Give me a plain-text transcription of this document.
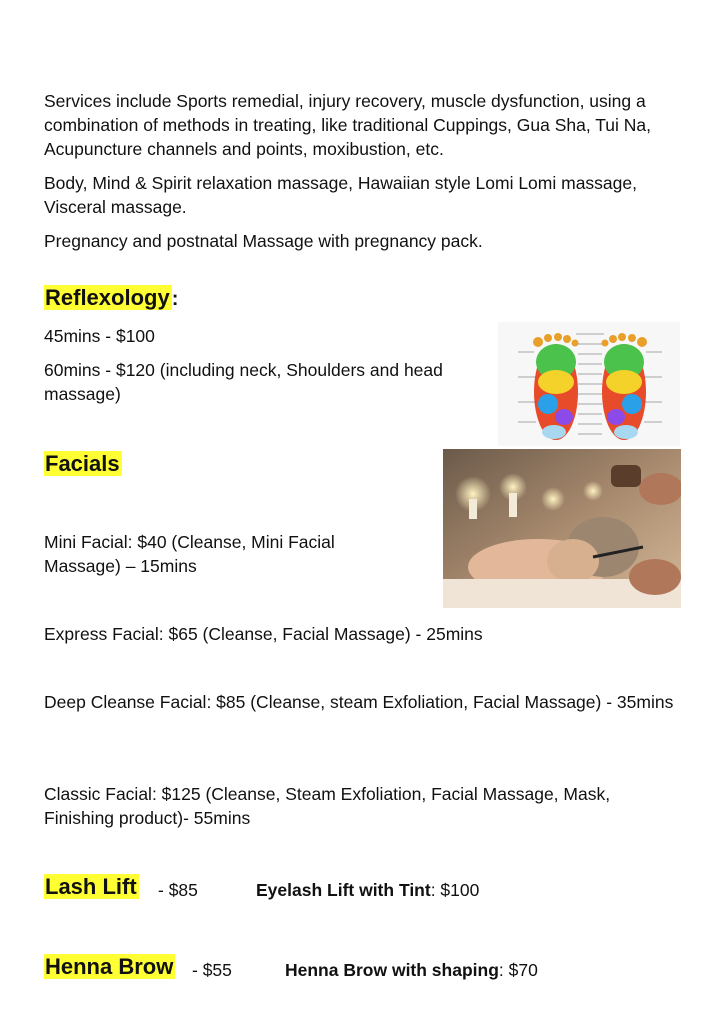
Services include Sports remedial, injury recovery, muscle dysfunction, using a combination of methods in treating, like traditional Cuppings, Gua Sha, Tui Na, Acupuncture channels and points, moxibustion, etc.
Body, Mind & Spirit relaxation massage, Hawaiian style Lomi Lomi massage, Visceral massage.
Pregnancy and postnatal Massage with pregnancy pack.
Reflexology :
45mins - $100
60mins - $120 (including neck, Shoulders and head massage)
Facials
Mini Facial: $40 (Cleanse, Mini Facial Massage) – 15mins
Express Facial: $65 (Cleanse, Facial Massage) - 25mins
Deep Cleanse Facial: $85 (Cleanse, steam Exfoliation, Facial Massage) - 35mins
Classic Facial: $125 (Cleanse, Steam Exfoliation, Facial Massage, Mask, Finishing product)- 55mins
Lash Lift - $85	Eyelash Lift with Tint: $100
Henna Brow - $55	Henna Brow with shaping: $70
